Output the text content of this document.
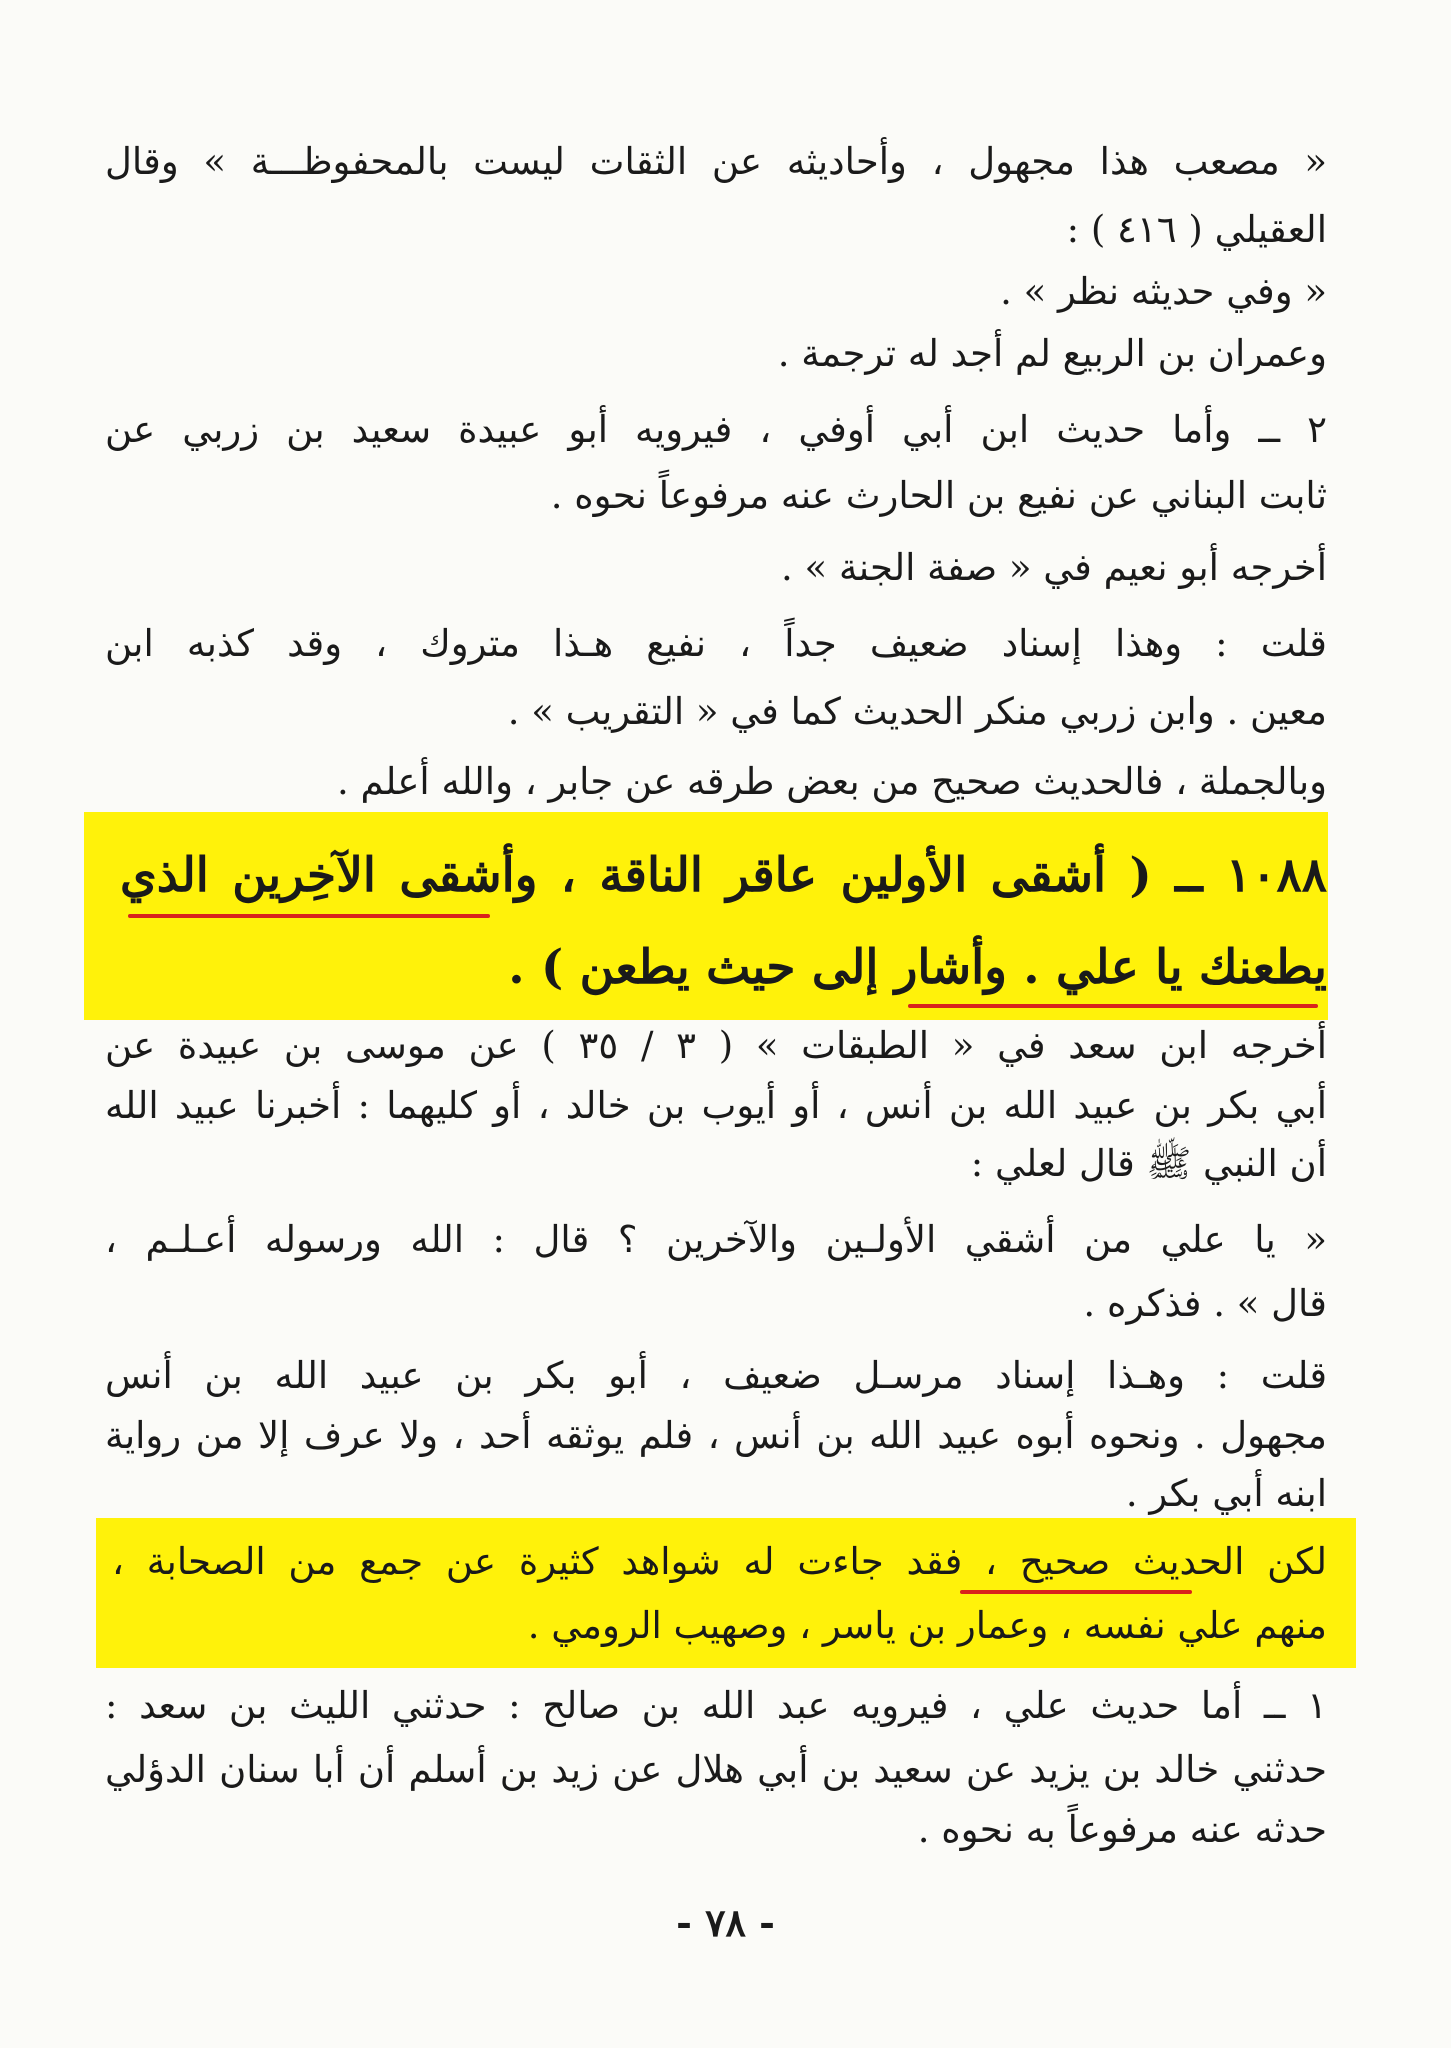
« مصعب هذا مجهول ، وأحاديثه عن الثقات ليست بالمحفوظـــة » وقال
العقيلي ( ٤١٦ ) :
« وفي حديثه نظر » .
وعمران بن الربيع لم أجد له ترجمة .
٢ ــ وأما حديث ابن أبي أوفي ، فيرويه أبو عبيدة سعيد بن زربي عن
ثابت البناني عن نفيع بن الحارث عنه مرفوعاً نحوه .
أخرجه أبو نعيم في « صفة الجنة » .
قلت : وهذا إسناد ضعيف جداً ، نفيع هـذا متروك ، وقد كذبه ابن
معين . وابن زربي منكر الحديث كما في « التقريب » .
وبالجملة ، فالحديث صحيح من بعض طرقه عن جابر ، والله أعلم .
١٠٨٨ ــ ( أشقى الأولين عاقر الناقة ، وأشقى الآخِرين الذي
يطعنك يا علي . وأشار إلى حيث يطعن ) .
أخرجه ابن سعد في « الطبقات » ( ٣ / ٣٥ ) عن موسى بن عبيدة عن
أبي بكر بن عبيد الله بن أنس ، أو أيوب بن خالد ، أو كليهما : أخبرنا عبيد الله
أن النبي ﷺ قال لعلي :
« يا علي من أشقي الأولـين والآخرين ؟ قال : الله ورسوله أعـلـم ،
قال » . فذكره .
قلت : وهـذا إسناد مرسـل ضعيف ، أبو بكر بن عبيد الله بن أنس
مجهول . ونحوه أبوه عبيد الله بن أنس ، فلم يوثقه أحد ، ولا عرف إلا من رواية
ابنه أبي بكر .
لكن الحديث صحيح ، فقد جاءت له شواهد كثيرة عن جمع من الصحابة ،
منهم علي نفسه ، وعمار بن ياسر ، وصهيب الرومي .
١ ــ أما حديث علي ، فيرويه عبد الله بن صالح : حدثني الليث بن سعد :
حدثني خالد بن يزيد عن سعيد بن أبي هلال عن زيد بن أسلم أن أبا سنان الدؤلي
حدثه عنه مرفوعاً به نحوه .
- ٧٨ -
